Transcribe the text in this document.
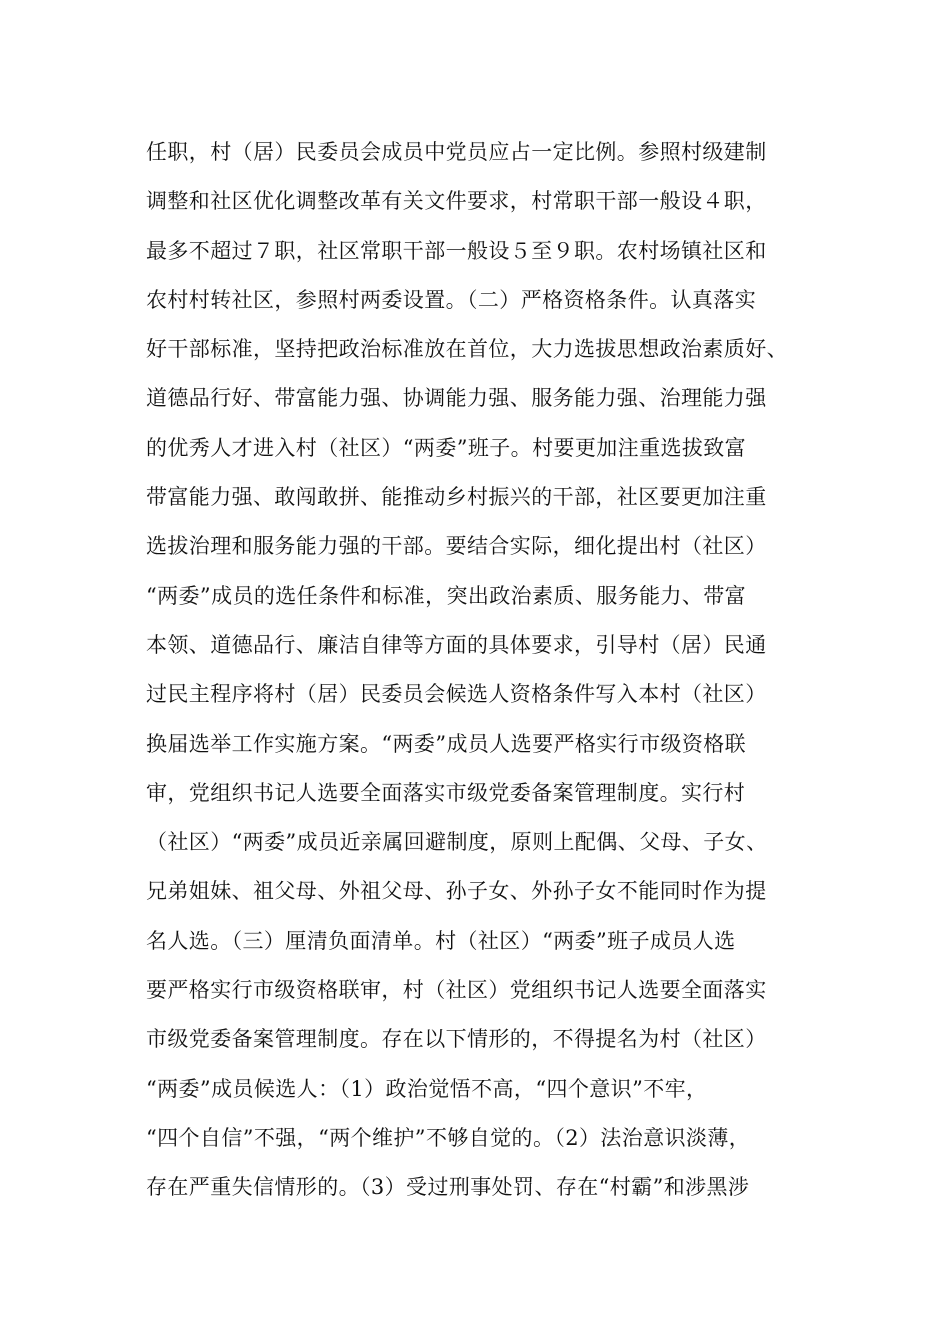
任职，村（居）民委员会成员中党员应占一定比例。参照村级建制
调整和社区优化调整改革有关文件要求，村常职干部一般设４职，
最多不超过７职，社区常职干部一般设５至９职。农村场镇社区和
农村村转社区，参照村两委设置。（二）严格资格条件。认真落实
好干部标准，坚持把政治标准放在首位，大力选拔思想政治素质好、
道德品行好、带富能力强、协调能力强、服务能力强、治理能力强
的优秀人才进入村（社区）“两委”班子。村要更加注重选拔致富
带富能力强、敢闯敢拼、能推动乡村振兴的干部，社区要更加注重
选拔治理和服务能力强的干部。要结合实际，细化提出村（社区）
“两委”成员的选任条件和标准，突出政治素质、服务能力、带富
本领、道德品行、廉洁自律等方面的具体要求，引导村（居）民通
过民主程序将村（居）民委员会候选人资格条件写入本村（社区）
换届选举工作实施方案。“两委”成员人选要严格实行市级资格联
审，党组织书记人选要全面落实市级党委备案管理制度。实行村
（社区）“两委”成员近亲属回避制度，原则上配偶、父母、子女、
兄弟姐妹、祖父母、外祖父母、孙子女、外孙子女不能同时作为提
名人选。（三）厘清负面清单。村（社区）“两委”班子成员人选
要严格实行市级资格联审，村（社区）党组织书记人选要全面落实
市级党委备案管理制度。存在以下情形的，不得提名为村（社区）
“两委”成员候选人：（1）政治觉悟不高，“四个意识”不牢，
“四个自信”不强，“两个维护”不够自觉的。（2）法治意识淡薄，
存在严重失信情形的。（3）受过刑事处罚、存在“村霸”和涉黑涉
